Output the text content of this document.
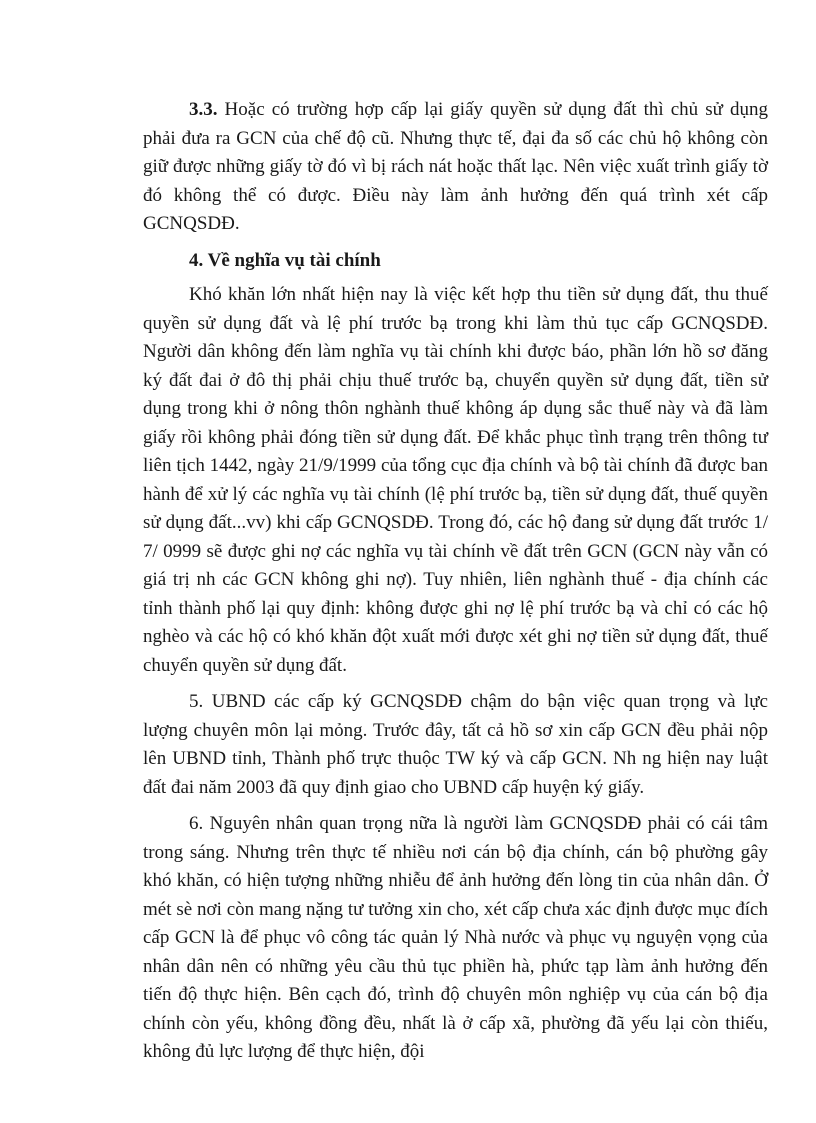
3.3. Hoặc có trường hợp cấp lại giấy quyền sử dụng đất thì chủ sử dụng phải đưa ra GCN của chế độ cũ. Nhưng thực tế, đại đa số các chủ hộ không còn giữ được những giấy tờ đó vì bị rách nát hoặc thất lạc. Nên việc xuất trình giấy tờ đó không thể có được. Điều này làm ảnh hưởng đến quá trình xét cấp GCNQSDĐ.

4. Về nghĩa vụ tài chính

Khó khăn lớn nhất hiện nay là việc kết hợp thu tiền sử dụng đất, thu thuế quyền sử dụng đất và lệ phí trước bạ trong khi làm thủ tục cấp GCNQSDĐ. Người dân không đến làm nghĩa vụ tài chính khi được báo, phần lớn hồ sơ đăng ký đất đai ở đô thị phải chịu thuế trước bạ, chuyển quyền sử dụng đất, tiền sử dụng trong khi ở nông thôn nghành thuế không áp dụng sắc thuế này và đã làm giấy rồi không phải đóng tiền sử dụng đất. Để khắc phục tình trạng trên thông tư liên tịch 1442, ngày 21/9/1999 của tổng cục địa chính và bộ tài chính đã được ban hành để xử lý các nghĩa vụ tài chính (lệ phí trước bạ, tiền sử dụng đất, thuế quyền sử dụng đất...vv) khi cấp GCNQSDĐ. Trong đó, các hộ đang sử dụng đất trước 1/ 7/ 0999 sẽ được ghi nợ các nghĩa vụ tài chính về đất trên GCN (GCN này vẫn có giá trị nh các GCN không ghi nợ). Tuy nhiên, liên nghành thuế - địa chính các tỉnh thành phố lại quy định: không được ghi nợ lệ phí trước bạ và chỉ có các hộ nghèo và các hộ có khó khăn đột xuất mới được xét ghi nợ tiền sử dụng đất, thuế chuyển quyền sử dụng đất.

5. UBND các cấp ký GCNQSDĐ chậm do bận việc quan trọng và lực lượng chuyên môn lại mỏng. Trước đây, tất cả hồ sơ xin cấp GCN đều phải nộp lên UBND tỉnh, Thành phố trực thuộc TW ký và cấp GCN. Nh ng hiện nay luật đất đai năm 2003 đã quy định giao cho UBND cấp huyện ký giấy.

6. Nguyên nhân quan trọng nữa là người làm GCNQSDĐ phải có cái tâm trong sáng. Nhưng trên thực tế nhiều nơi cán bộ địa chính, cán bộ phường gây khó khăn, có hiện tượng những nhiễu để ảnh hưởng đến lòng tin của nhân dân. Ở mét sè nơi còn mang nặng tư tưởng xin cho, xét cấp chưa xác định được mục đích cấp GCN là để phục vô công tác quản lý Nhà nước và phục vụ nguyện vọng của nhân dân nên có những yêu cầu thủ tục phiền hà, phức tạp làm ảnh hưởng đến tiến độ thực hiện. Bên cạch đó, trình độ chuyên môn nghiệp vụ của cán bộ địa chính còn yếu, không đồng đều, nhất là ở cấp xã, phường đã yếu lại còn thiếu, không đủ lực lượng để thực hiện, đội
